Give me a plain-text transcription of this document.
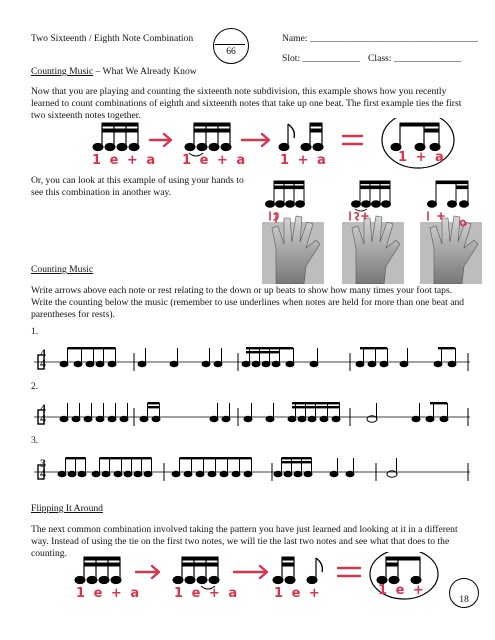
Two Sixteenth / Eighth Note Combination
66
Name: ___________________________________
Slot: ____________ Class: ______________
Counting Music – What We Already Know
Now that you are playing and counting the sixteenth note subdivision, this example shows how you recently learned to count combinations of eighth and sixteenth notes that take up one beat. The first example ties the first two sixteenth notes together.
1 e + a 1 e + a	1 + a	1 + a
Or, you can look at this example of using your hands to see this combination in another way.
Counting Music
Write arrows above each note or rest relating to the down or up beats to show how many times your foot taps. Write the counting below the music (remember to use underlines when notes are held for more than one beat and parentheses for rests).
1.
2.
3.
4
4
4
4
3
4
Flipping It Around
The next common combination involved taking the pattern you have just learned and looking at it in a different way. Instead of using the tie on the first two notes, we will tie the last two notes and see what that does to the counting.
1 e + a	1 e + a	1 e +	1 e +
18
